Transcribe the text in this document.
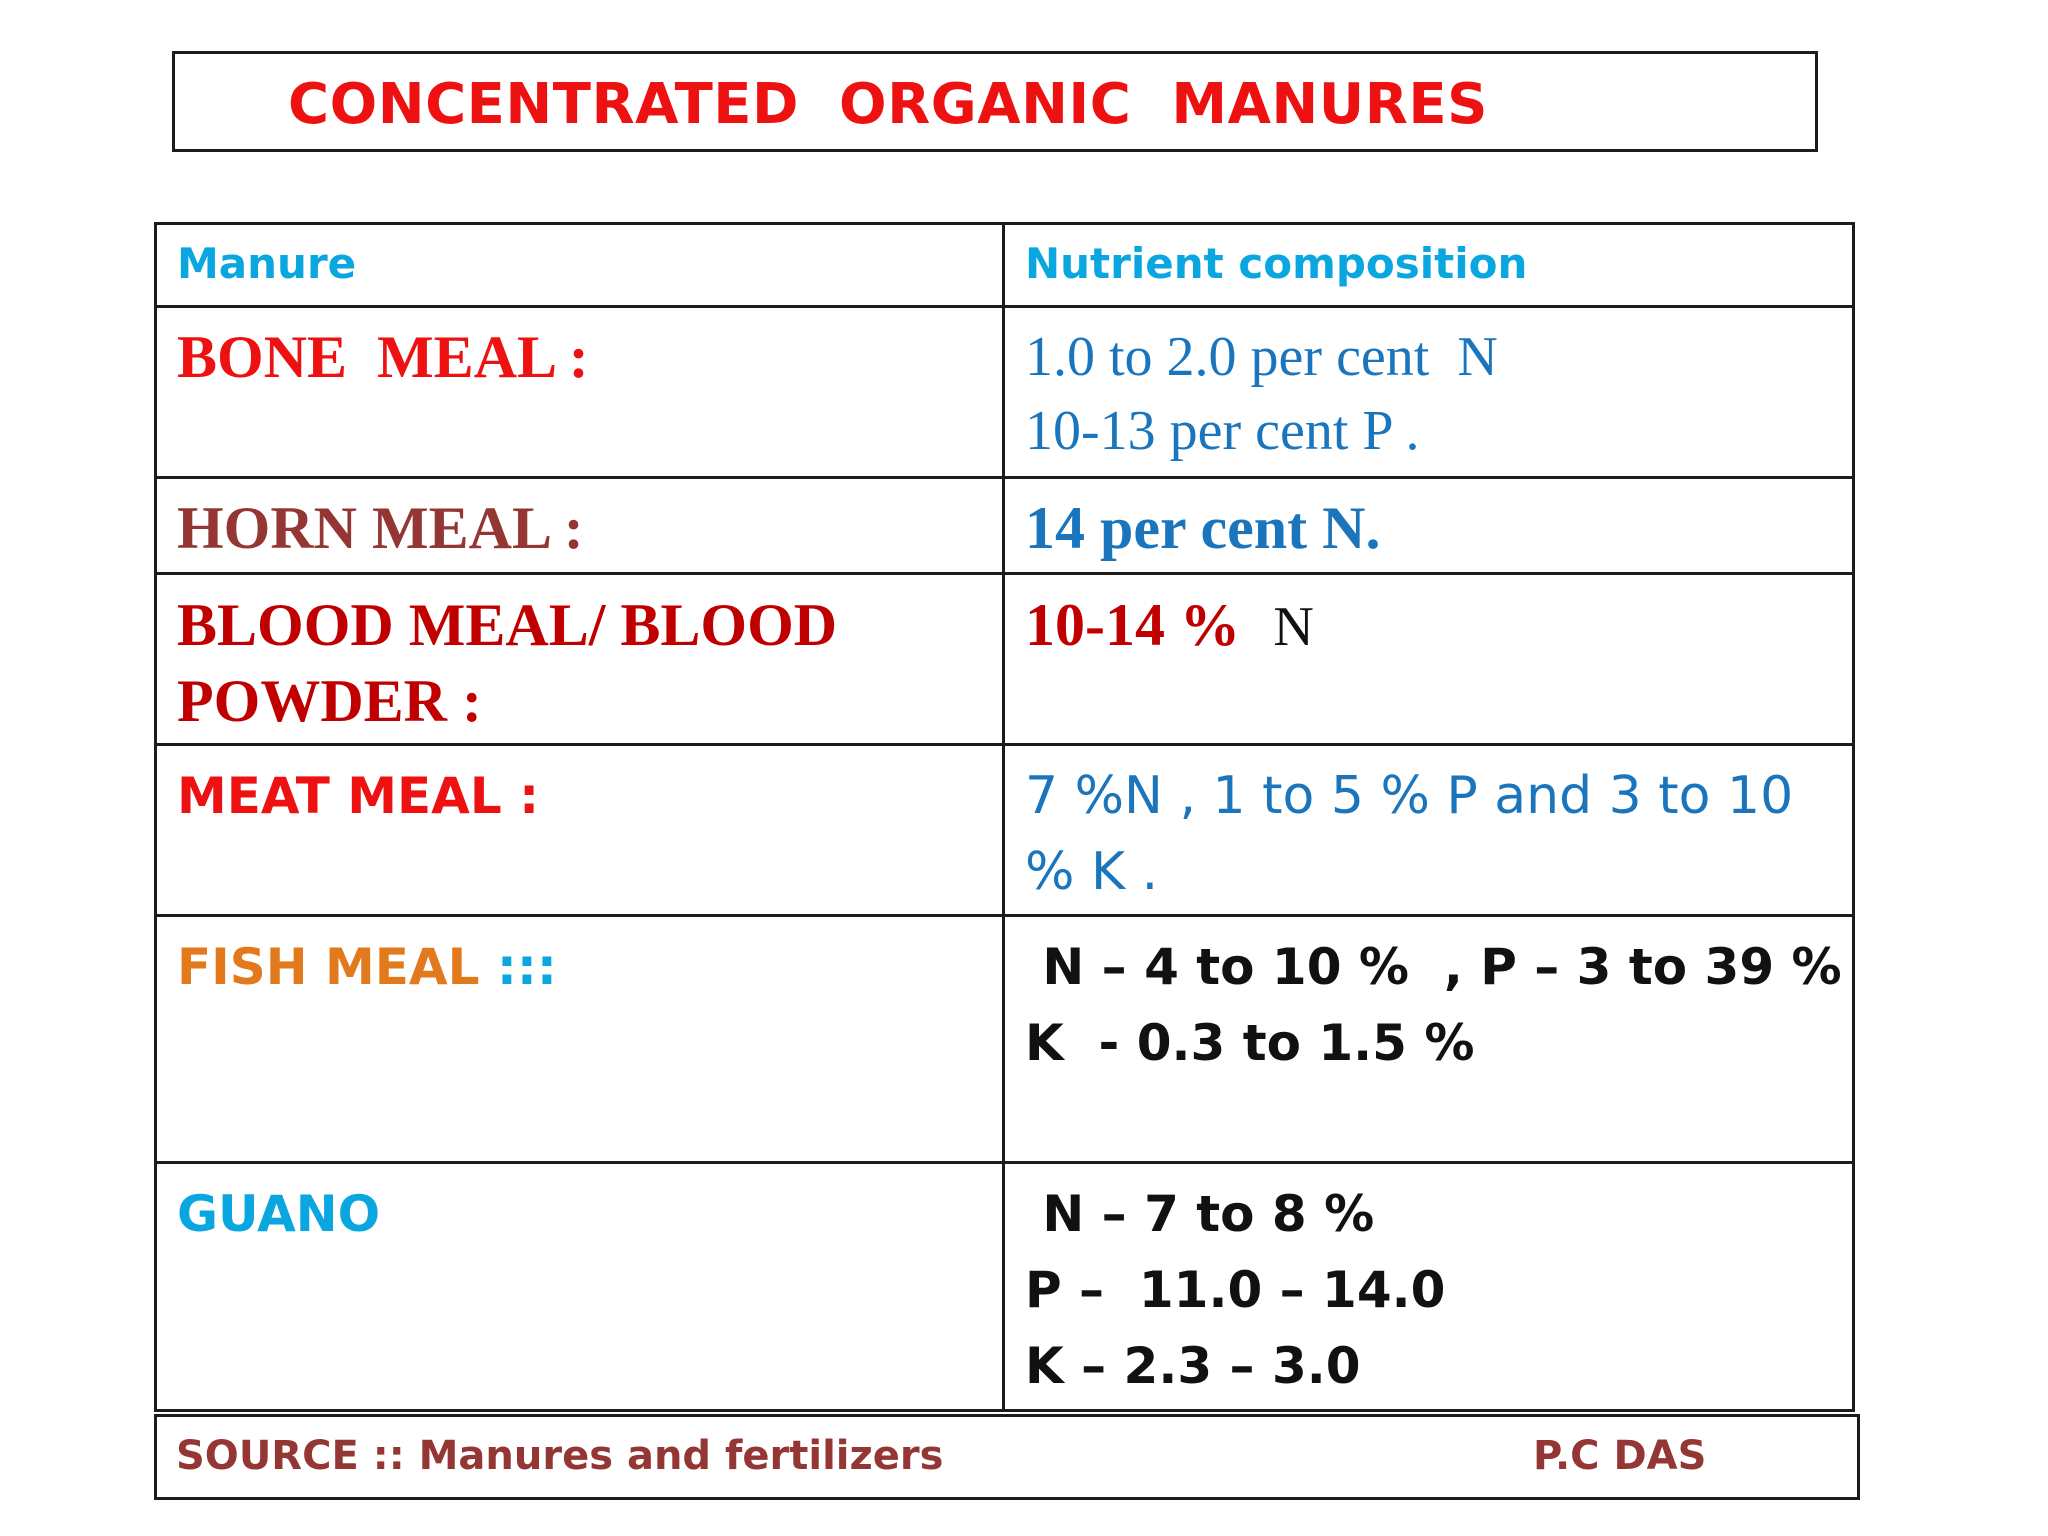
CONCENTRATED  ORGANIC  MANURES
Manure	Nutrient composition

BONE  MEAL :	1.0 to 2.0 per cent  N
10-13 per cent P .

HORN MEAL :	14 per cent N.

BLOOD MEAL/ BLOOD POWDER :	10-14 % N

MEAT MEAL :	7 %N , 1 to 5 % P and 3 to 10 % K .

FISH MEAL :::	N – 4 to 10 %  , P – 3 to 39 %
K  - 0.3 to 1.5 %

GUANO	N – 7 to 8 %
P –  11.0 – 14.0
K – 2.3 – 3.0
SOURCE :: Manures and fertilizers	P.C DAS
